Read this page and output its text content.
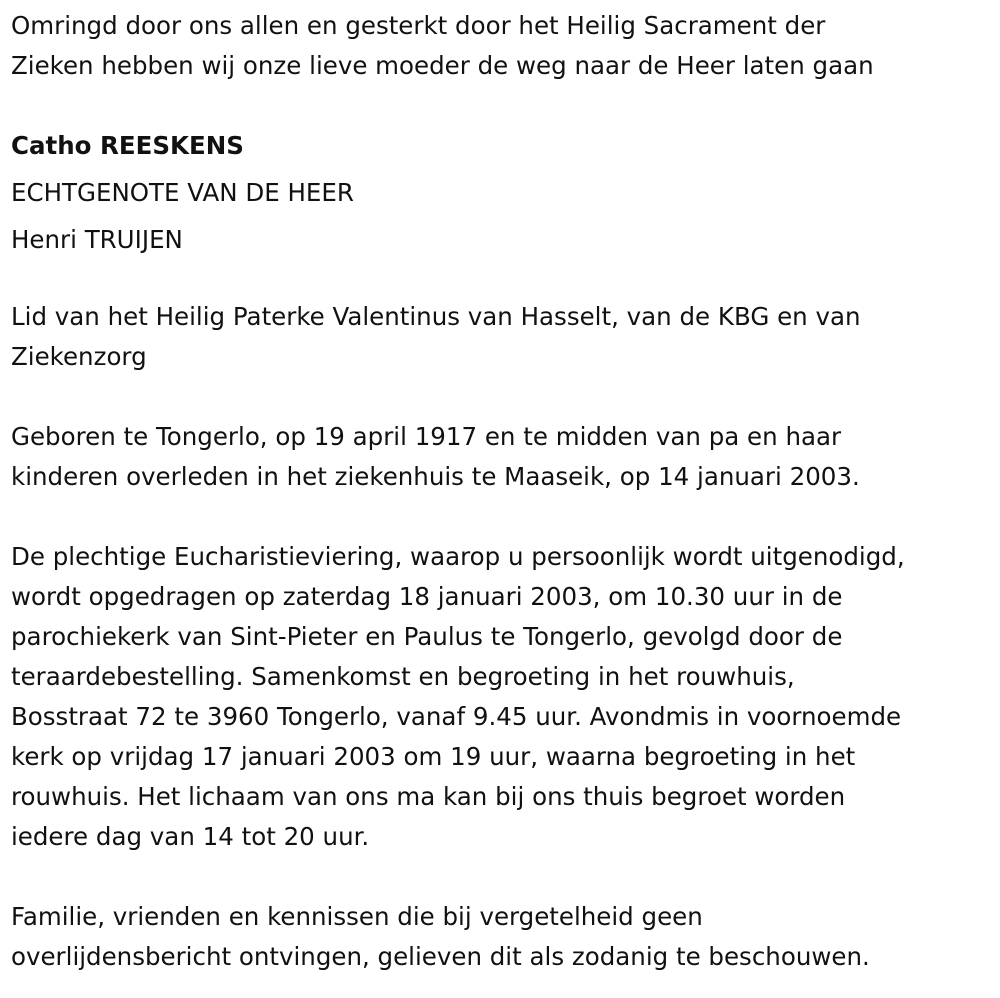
Omringd door ons allen en gesterkt door het Heilig Sacrament der
Zieken hebben wij onze lieve moeder de weg naar de Heer laten gaan

Catho REESKENS
ECHTGENOTE VAN DE HEER
Henri TRUIJEN

Lid van het Heilig Paterke Valentinus van Hasselt, van de KBG en van
Ziekenzorg

Geboren te Tongerlo, op 19 april 1917 en te midden van pa en haar
kinderen overleden in het ziekenhuis te Maaseik, op 14 januari 2003.

De plechtige Eucharistieviering, waarop u persoonlijk wordt uitgenodigd,
wordt opgedragen op zaterdag 18 januari 2003, om 10.30 uur in de
parochiekerk van Sint-Pieter en Paulus te Tongerlo, gevolgd door de
teraardebestelling. Samenkomst en begroeting in het rouwhuis,
Bosstraat 72 te 3960 Tongerlo, vanaf 9.45 uur. Avondmis in voornoemde
kerk op vrijdag 17 januari 2003 om 19 uur, waarna begroeting in het
rouwhuis. Het lichaam van ons ma kan bij ons thuis begroet worden
iedere dag van 14 tot 20 uur.

Familie, vrienden en kennissen die bij vergetelheid geen
overlijdensbericht ontvingen, gelieven dit als zodanig te beschouwen.
